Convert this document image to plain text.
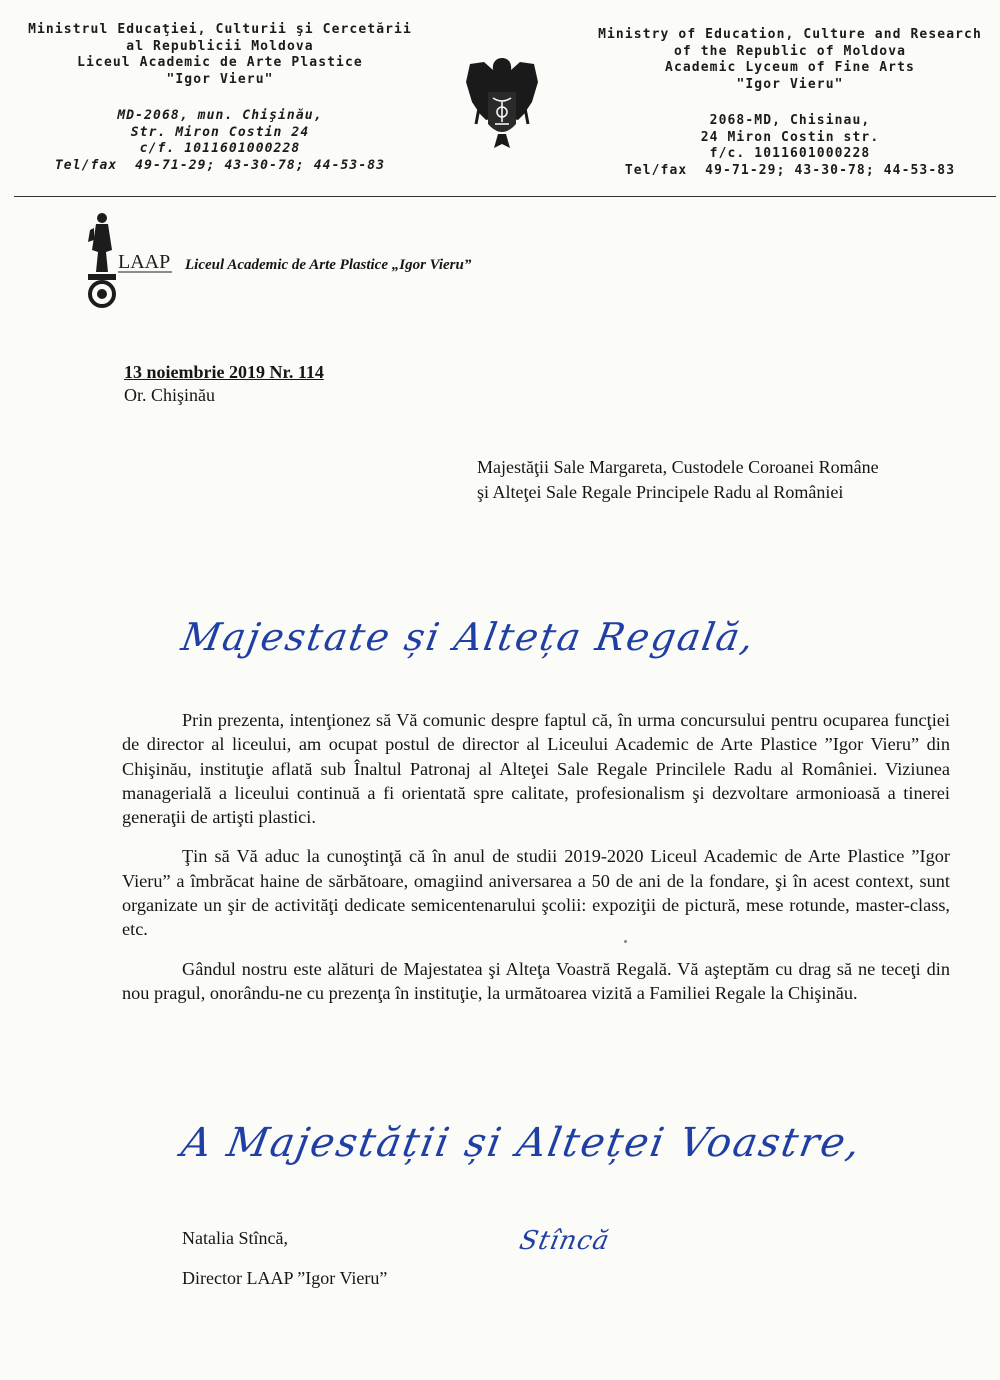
Ministrul Educaţiei, Culturii şi Cercetării
al Republicii Moldova
Liceul Academic de Arte Plastice
"Igor Vieru"
MD-2068, mun. Chişinău,
Str. Miron Costin 24
c/f. 1011601000228
Tel/fax  49-71-29; 43-30-78; 44-53-83
Ministry of Education, Culture and Research
of the Republic of Moldova
Academic Lyceum of Fine Arts
"Igor Vieru"
2068-MD, Chisinau,
24 Miron Costin str.
f/c. 1011601000228
Tel/fax  49-71-29; 43-30-78; 44-53-83
LAAP Liceul Academic de Arte Plastice „Igor Vieru”
13 noiembrie 2019 Nr. 114
Or. Chişinău
Majestăţii Sale Margareta, Custodele Coroanei Române
şi Alteţei Sale Regale Principele Radu al României
Majestate și Alteța Regală,

Prin prezenta, intenţionez să Vă comunic despre faptul că, în urma concursului pentru ocuparea funcţiei de director al liceului, am ocupat postul de director al Liceului Academic de Arte Plastice ”Igor Vieru” din Chişinău, instituţie aflată sub Înaltul Patronaj al Alteţei Sale Regale Princilele Radu al României. Viziunea managerială a liceului continuă a fi orientată spre calitate, profesionalism şi dezvoltare armonioasă a tinerei generaţii de artişti plastici.

Ţin să Vă aduc la cunoştinţă că în anul de studii 2019-2020 Liceul Academic de Arte Plastice ”Igor Vieru” a îmbrăcat haine de sărbătoare, omagiind aniversarea a 50 de ani de la fondare, şi în acest context, sunt organizate un şir de activităţi dedicate semicentenarului şcolii: expoziţii de pictură, mese rotunde, master-class, etc.

Gândul nostru este alături de Majestatea şi Alteţa Voastră Regală. Vă aşteptăm cu drag să ne teceţi din nou pragul, onorându-ne cu prezenţa în instituţie, la următoarea vizită a Familiei Regale la Chişinău.

A Majestății și Alteței Voastre,
Natalia Stîncă,
Director LAAP ”Igor Vieru”
Stîncă
